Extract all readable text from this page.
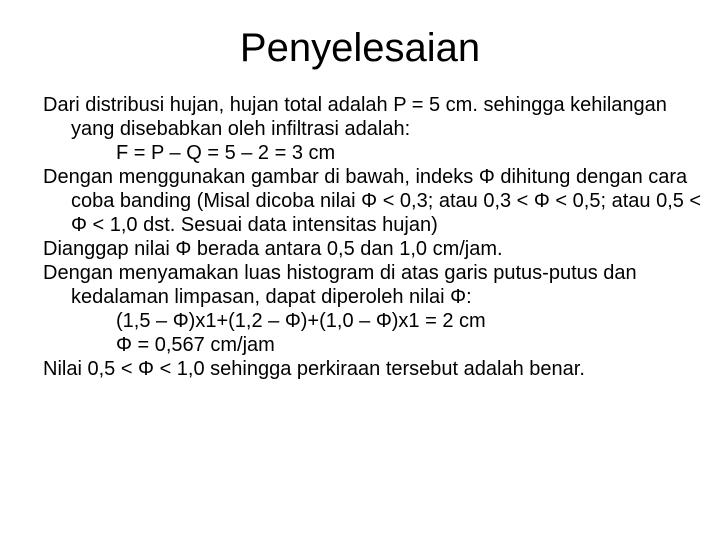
Penyelesaian

Dari distribusi hujan, hujan total adalah P = 5 cm. sehingga kehilangan yang disebabkan oleh infiltrasi adalah:

F = P – Q = 5 – 2 = 3 cm

Dengan menggunakan gambar di bawah, indeks Φ dihitung dengan cara coba banding (Misal dicoba nilai Φ < 0,3; atau 0,3 < Φ < 0,5; atau 0,5 < Φ < 1,0 dst. Sesuai data intensitas hujan)

Dianggap nilai Φ berada antara 0,5 dan 1,0 cm/jam.

Dengan menyamakan luas histogram di atas garis putus-putus dan kedalaman limpasan, dapat diperoleh nilai Φ:

(1,5 – Φ)x1+(1,2 – Φ)+(1,0 – Φ)x1 = 2 cm

Φ = 0,567 cm/jam

Nilai 0,5 < Φ < 1,0 sehingga perkiraan tersebut adalah benar.
